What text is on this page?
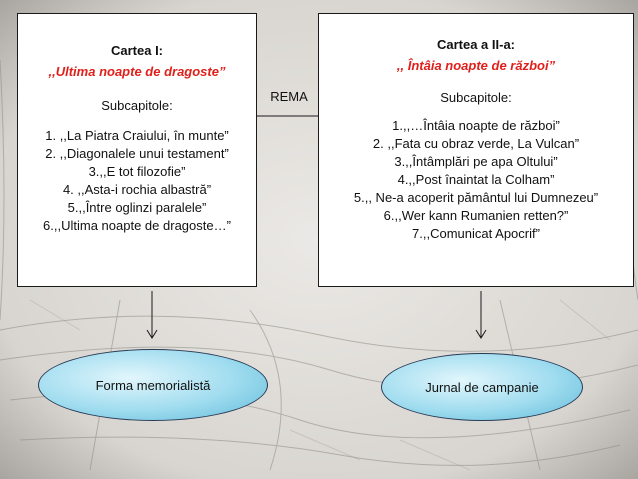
Cartea I:
,,Ultima noapte de dragoste”
Subcapitole:
1. ,,La Piatra Craiului, în munte”
2. ,,Diagonalele unui testament”
3.,,E tot filozofie”
4. ,,Asta-i rochia albastră”
5.,,Între oglinzi paralele”
6.,,Ultima noapte de dragoste…”
REMA
Cartea a II-a:
,, Întâia noapte de război”
Subcapitole:
1.,,…Întâia noapte de război”
2. ,,Fata cu obraz verde, La Vulcan”
3.,,Întâmplări pe apa Oltului”
4.,,Post înaintat la Colham”
5.,, Ne-a acoperit pământul lui Dumnezeu”
6.,,Wer kann Rumanien retten?”
7.,,Comunicat Apocrif”
Forma memorialistă	Jurnal de campanie
